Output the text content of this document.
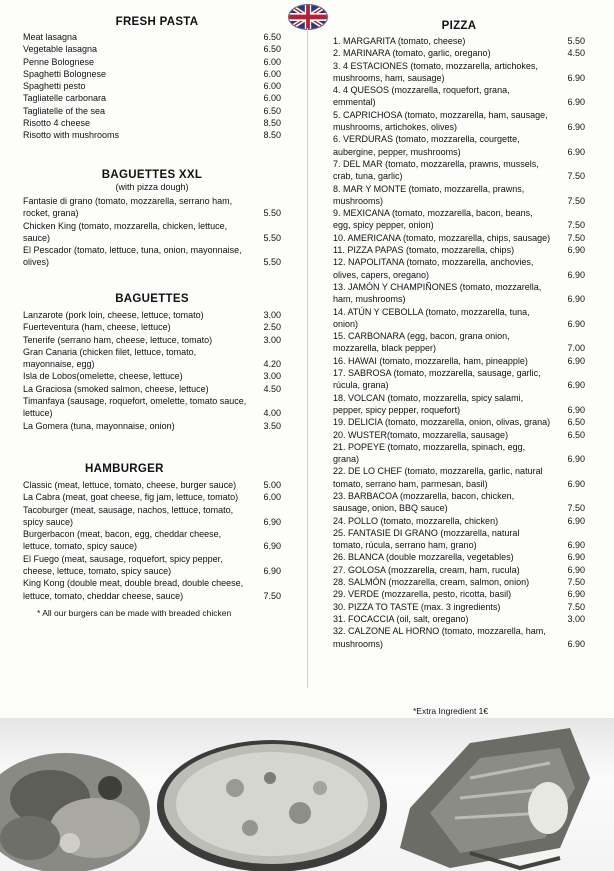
FRESH PASTA
Meat lasagna	6.50
Vegetable lasagna	6.50
Penne Bolognese	6.00
Spaghetti Bolognese	6.00
Spaghetti pesto	6.00
Tagliatelle carbonara	6.00
Tagliatelle of the sea	6.50
Risotto 4 cheese	8.50
Risotto with mushrooms	8.50
BAGUETTES XXL
(with pizza dough)
Fantasie di grano (tomato, mozzarella, serrano ham, rocket, grana)	5.50
Chicken King (tomato, mozzarella, chicken, lettuce, sauce)	5.50
El Pescador (tomato, lettuce, tuna, onion, mayonnaise, olives)	5.50
BAGUETTES
Lanzarote (pork loin, cheese, lettuce, tomato)	3.00
Fuerteventura (ham, cheese, lettuce)	2.50
Tenerife (serrano ham, cheese, lettuce, tomato)	3.00
Gran Canaria (chicken filet, lettuce, tomato, mayonnaise, egg)	4.20
Isla de Lobos(omelette, cheese, lettuce)	3.00
La Graciosa (smoked salmon, cheese, lettuce)	4.50
Timanfaya (sausage, roquefort, omelette, tomato sauce, lettuce)	4.00
La Gomera (tuna, mayonnaise, onion)	3.50
HAMBURGER
Classic (meat, lettuce, tomato, cheese, burger sauce)	5.00
La Cabra (meat, goat cheese, fig jam, lettuce, tomato)	6.00
Tacoburger (meat, sausage, nachos, lettuce, tomato, spicy sauce)	6.90
Burgerbacon (meat, bacon, egg, cheddar cheese, lettuce, tomato, spicy sauce)	6.90
El Fuego (meat, sausage, roquefort, spicy pepper, cheese, lettuce, tomato, spicy sauce)	6.90
King Kong (double meat, double bread, double cheese, lettuce, tomato, cheddar cheese, sauce)	7.50
* All our burgers can be made with breaded chicken
PIZZA
1. MARGARITA (tomato, cheese)	5.50
2. MARINARA (tomato, garlic, oregano)	4.50
3. 4 ESTACIONES (tomato, mozzarella, artichokes, mushrooms, ham, sausage)	6.90
4. 4 QUESOS (mozzarella, roquefort, grana, emmental)	6.90
5. CAPRICHOSA (tomato, mozzarella, ham, sausage, mushrooms, artichokes, olives)	6.90
6. VERDURAS (tomato, mozzarella, courgette, aubergine, pepper, mushrooms)	6.90
7. DEL MAR (tomato, mozzarella, prawns, mussels, crab, tuna, garlic)	7.50
8. MAR Y MONTE (tomato, mozzarella, prawns, mushrooms)	7.50
9. MEXICANA (tomato, mozzarella, bacon, beans, egg, spicy pepper, onion)	7.50
10. AMERICANA (tomato, mozzarella, chips, sausage)	7.50
11. PIZZA PAPAS (tomato, mozzarella, chips)	6.90
12. NAPOLITANA (tomato, mozzarella, anchovies, olives, capers, oregano)	6.90
13. JAMÓN Y CHAMPIÑONES (tomato, mozzarella, ham, mushrooms)	6.90
14. ATÚN Y CEBOLLA (tomato, mozzarella, tuna, onion)	6.90
15. CARBONARA (egg, bacon, grana onion, mozzarella, black pepper)	7.00
16. HAWAI (tomato, mozzarella, ham, pineapple)	6.90
17. SABROSA (tomato, mozzarella, sausage, garlic, rúcula, grana)	6.90
18. VOLCAN (tomato, mozzarella, spicy salami, pepper, spicy pepper, roquefort)	6.90
19. DELICIA (tomato, mozzarella, onion, olivas, grana)	6.50
20. WUSTER(tomato, mozzarella, sausage)	6.50
21. POPEYE (tomato, mozzarella, spinach, egg, grana)	6.90
22. DE LO CHEF (tomato, mozzarella, garlic, natural tomato, serrano ham, parmesan, basil)	6.90
23. BARBACOA (mozzarella, bacon, chicken, sausage, onion, BBQ sauce)	7.50
24. POLLO (tomato, mozzarella, chicken)	6.90
25. FANTASIE DI GRANO (mozzarella, natural tomato, rúcula, serrano ham, grano)	6.90
26. BLANCA (double mozzarella, vegetables)	6.90
27. GOLOSA (mozzarella, cream, ham, rucula)	6.90
28. SALMÓN (mozzarella, cream, salmon, onion)	7.50
29. VERDE (mozzarella, pesto, ricotta, basil)	6.90
30. PIZZA TO TASTE (max. 3 ingredients)	7.50
31. FOCACCIA (oil, salt, oregano)	3.00
32. CALZONE AL HORNO (tomato, mozzarella, ham, mushrooms)	6.90
*Extra Ingredient 1€
